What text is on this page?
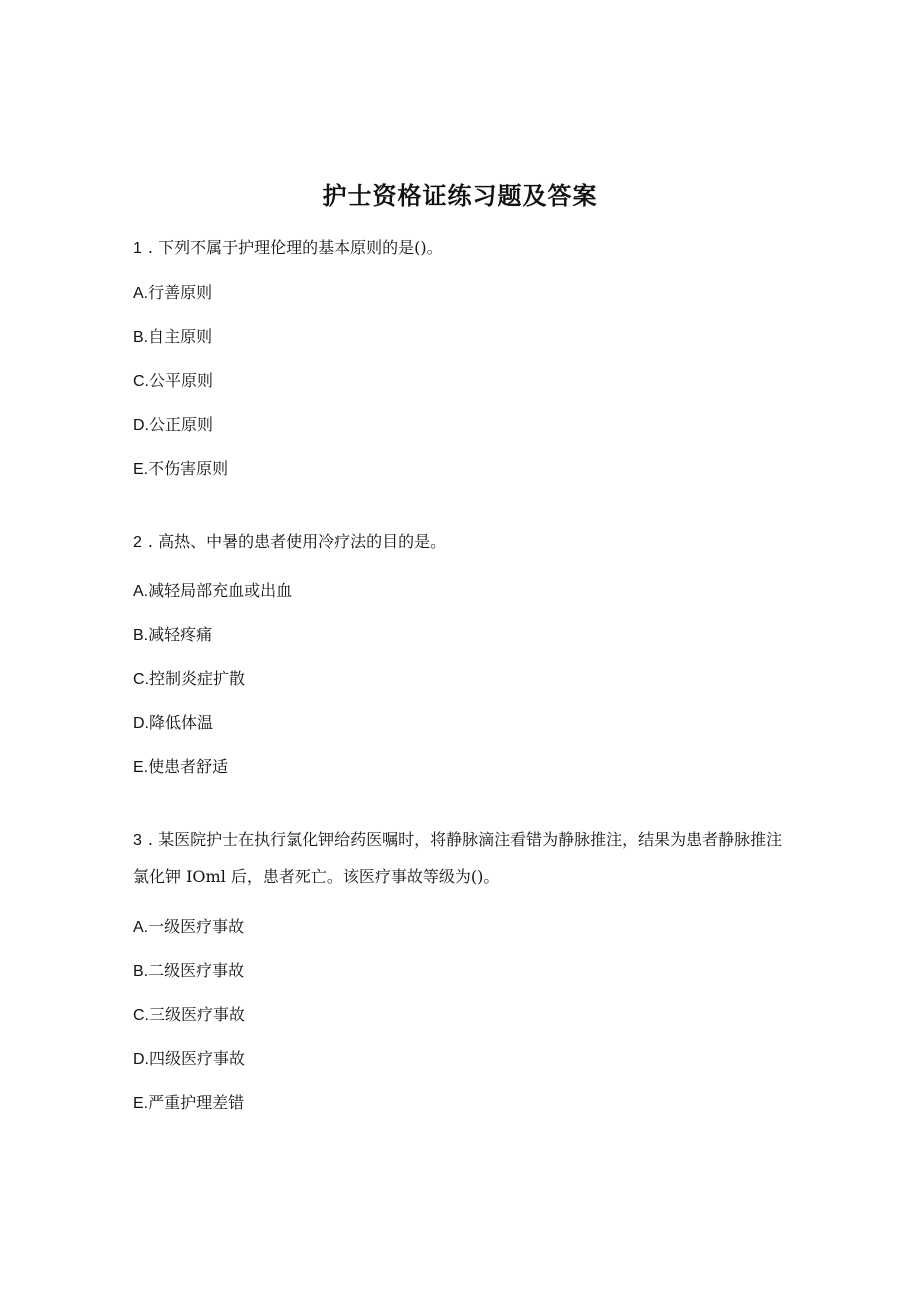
护士资格证练习题及答案

1 . 下列不属于护理伦理的基本原则的是()。

A.行善原则
B.自主原则
C.公平原则
D.公正原则
E.不伤害原则

2 . 高热、中暑的患者使用冷疗法的目的是。

A.减轻局部充血或出血
B.减轻疼痛
C.控制炎症扩散
D.降低体温
E.使患者舒适

3 . 某医院护士在执行氯化钾给药医嘱时，将静脉滴注看错为静脉推注，结果为患者静脉推注氯化钾 IOml 后，患者死亡。该医疗事故等级为()。

A.一级医疗事故
B.二级医疗事故
C.三级医疗事故
D.四级医疗事故
E.严重护理差错
